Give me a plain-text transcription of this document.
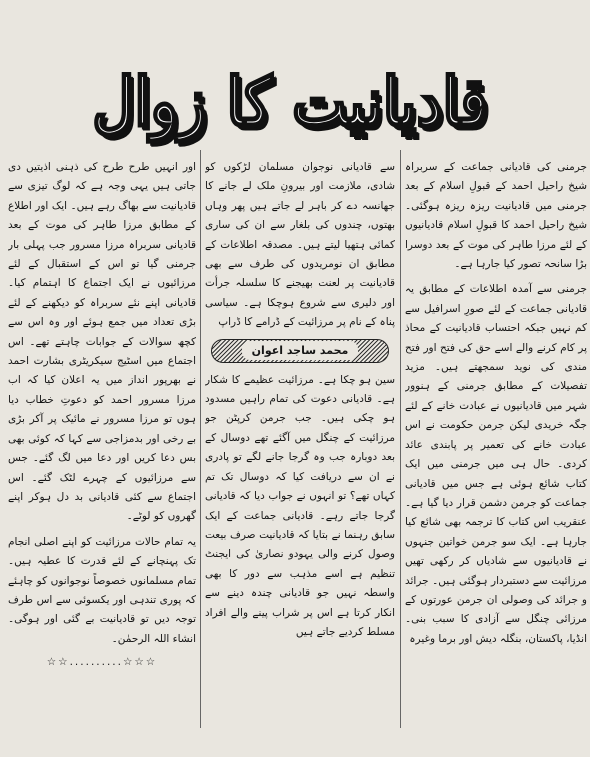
قادیانیت کا زوال

جرمنی کی قادیانی جماعت کے سربراہ شیخ راحیل احمد کے قبولِ اسلام کے بعد جرمنی میں قادیانیت ریزہ ریزہ ہوگئی۔ شیخ راحیل احمد کا قبولِ اسلام قادیانیوں کے لئے مرزا طاہر کی موت کے بعد دوسرا بڑا سانحہ تصور کیا جارہا ہے۔

جرمنی سے آمدہ اطلاعات کے مطابق یہ قادیانی جماعت کے لئے صورِ اسرافیل سے کم نہیں جبکہ احتساب قادیانیت کے محاذ پر کام کرنے والے اسے حق کی فتح اور فتح مندی کی نوید سمجھتے ہیں۔ مزید تفصیلات کے مطابق جرمنی کے ہنوور شہر میں قادیانیوں نے عبادت خانے کے لئے جگہ خریدی لیکن جرمن حکومت نے اس عبادت خانے کی تعمیر پر پابندی عائد کردی۔ حال ہی میں جرمنی میں ایک کتاب شائع ہوئی ہے جس میں قادیانی جماعت کو جرمن دشمن قرار دیا گیا ہے۔ عنقریب اس کتاب کا ترجمہ بھی شائع کیا جارہا ہے۔ ایک سو جرمن خواتین جنہوں نے قادیانیوں سے شادیاں کر رکھی تھیں مرزائیت سے دستبردار ہوگئی ہیں۔ جرائد و جرائد کی وصولی ان جرمن عورتوں کے مرزائی چنگل سے آزادی کا سبب بنی۔ انڈیا، پاکستان، بنگلہ دیش اور برما وغیرہ

سے قادیانی نوجوان مسلمان لڑکوں کو شادی، ملازمت اور بیرونِ ملک لے جانے کا جھانسہ دے کر باہر لے جاتے ہیں پھر وہاں بھتوں، چندوں کی بلغار سے ان کی ساری کمائی ہتھیا لیتے ہیں۔ مصدقہ اطلاعات کے مطابق ان نومریدوں کی طرف سے بھی قادیانیت پر لعنت بھیجنے کا سلسلہ جرأت اور دلیری سے شروع ہوچکا ہے۔ سیاسی پناہ کے نام پر مرزائیت کے ڈرامے کا ڈراپ

محمد ساجد اعوان

سین ہو چکا ہے۔ مرزائیت عظیمے کا شکار ہے۔ قادیانی دعوت کی تمام راہیں مسدود ہو چکی ہیں۔ جب جرمن کرپٹن جو مرزائیت کے چنگل میں آگئے تھے دوسال کے بعد دوبارہ جب وہ گرجا جانے لگے تو پادری نے ان سے دریافت کیا کہ دوسال تک تم کہاں تھے؟ تو انہوں نے جواب دیا کہ قادیانی گرجا جاتے رہے۔ قادیانی جماعت کے ایک سابق رہنما نے بتایا کہ قادیانیت صرف بیعت وصول کرنے والی یہودو نصاریٰ کی ایجنٹ تنظیم ہے اسے مذہب سے دور کا بھی واسطہ نہیں جو قادیانی چندہ دینے سے انکار کرتا ہے اس پر شراب پینے والے افراد مسلط کردیے جاتے ہیں

اور انہیں طرح طرح کی ذہنی اذیتیں دی جاتی ہیں یہی وجہ ہے کہ لوگ تیزی سے قادیانیت سے بھاگ رہے ہیں۔ ایک اور اطلاع کے مطابق مرزا طاہر کی موت کے بعد قادیانی سربراہ مرزا مسرور جب پہلی بار جرمنی گیا تو اس کے استقبال کے لئے مرزائیوں نے ایک اجتماع کا اہتمام کیا۔ قادیانی اپنے نئے سربراہ کو دیکھنے کے لئے بڑی تعداد میں جمع ہوئے اور وہ اس سے کچھ سوالات کے جوابات چاہتے تھے۔ اس اجتماع میں اسٹیج سیکریٹری بشارت احمد نے بھرپور انداز میں یہ اعلان کیا کہ اب مرزا مسرور احمد کو دعوتِ خطاب دیا ہوں تو مرزا مسرور نے مائیک پر آکر بڑی بے رخی اور بدمزاجی سے کہا کہ کوئی بھی بس دعا کریں اور دعا میں لگ گئے۔ جس سے مرزائیوں کے چہرے لٹک گئے۔ اس اجتماع سے کئی قادیانی بد دل ہوکر اپنے گھروں کو لوٹے۔

یہ تمام حالات مرزائیت کو اپنے اصلی انجام تک پہنچانے کے لئے قدرت کا عطیہ ہیں۔ تمام مسلمانوں خصوصاً نوجوانوں کو چاہئے کہ پوری تندہی اور یکسوئی سے اس طرف توجہ دیں تو قادیانیت بے گئی اور ہوگی۔ انشاء اللہ الرحمٰن۔

☆☆☆..........☆☆
